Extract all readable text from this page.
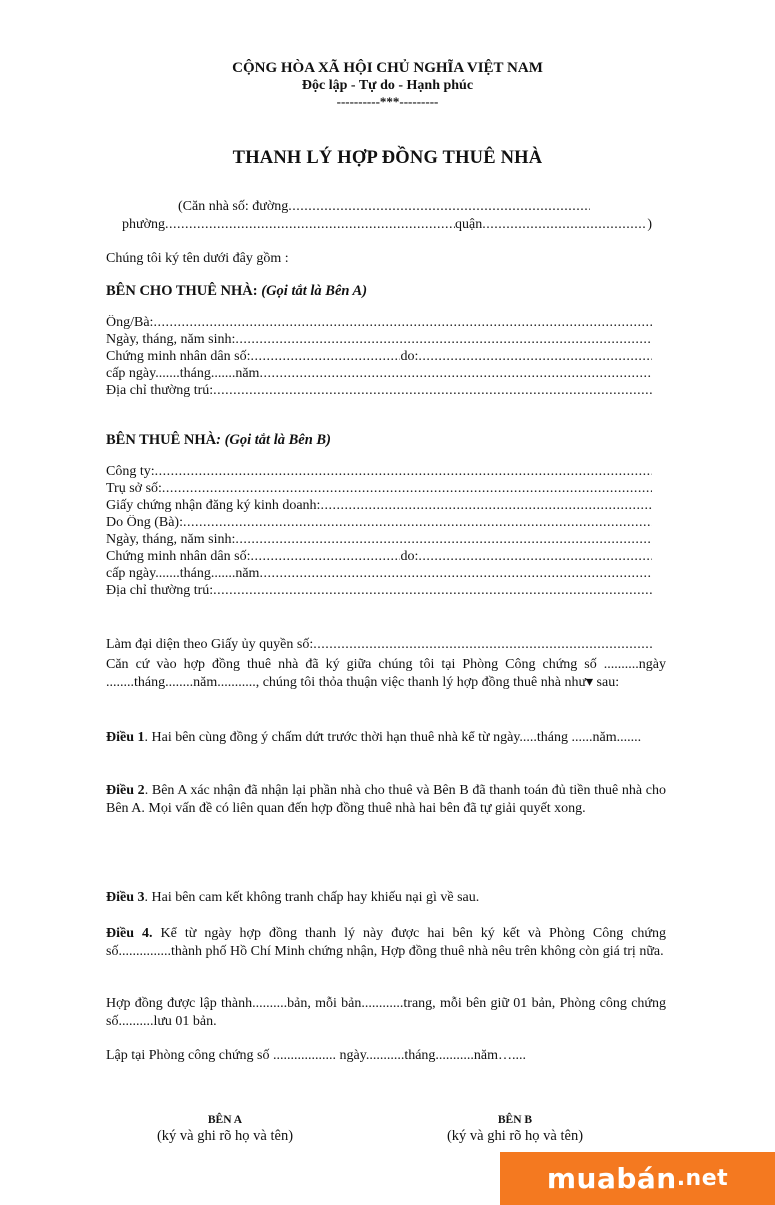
CỘNG HÒA XÃ HỘI CHỦ NGHĨA VIỆT NAM
Độc lập - Tự do - Hạnh phúc
----------***---------
THANH LÝ HỢP ĐỒNG THUÊ NHÀ
(Căn nhà số: đường
.....
phường .....	quận .....	)
Chúng tôi ký tên dưới đây gồm :
BÊN CHO THUÊ NHÀ: (Gọi tắt là Bên A)
Ông/Bà:
.....
Ngày, tháng, năm sinh:
.....
Chứng minh nhân dân số: .....	do:
.....
cấp ngày.......tháng.......năm
.....
Địa chỉ thường trú:
.....
BÊN THUÊ NHÀ: (Gọi tắt là Bên B)
Công ty:
.....
Trụ sở số:
.....
Giấy chứng nhận đăng ký kinh doanh:
.....
Do Ông (Bà):
.....
Ngày, tháng, năm sinh:
.....
Chứng minh nhân dân số: .....	do:
.....
cấp ngày.......tháng.......năm
.....
Địa chỉ thường trú:
.....
Làm đại diện theo Giấy ủy quyền số:
.....
Căn cứ vào hợp đồng thuê nhà đã ký giữa chúng tôi tại Phòng Công chứng số ..........ngày ........tháng........năm..........., chúng tôi thỏa thuận việc thanh lý hợp đồng thuê nhà như▾ sau:
Điều 1. Hai bên cùng đồng ý chấm dứt trước thời hạn thuê nhà kể từ ngày.....tháng ......năm.......
Điều 2. Bên A xác nhận đã nhận lại phần nhà cho thuê và Bên B đã thanh toán đủ tiền thuê nhà cho Bên A. Mọi vấn đề có liên quan đến hợp đồng thuê nhà hai bên đã tự giải quyết xong.
Điều 3. Hai bên cam kết không tranh chấp hay khiếu nại gì về sau.
Điều 4. Kể từ ngày hợp đồng thanh lý này được hai bên ký kết và Phòng Công chứng số...............thành phố Hồ Chí Minh chứng nhận, Hợp đồng thuê nhà nêu trên không còn giá trị nữa.
Hợp đồng được lập thành..........bản, mỗi bản............trang, mỗi bên giữ 01 bản, Phòng công chứng số..........lưu 01 bản.
Lập tại Phòng công chứng số .................. ngày...........tháng...........năm…....
BÊN A
(ký và ghi rõ họ và tên)
BÊN B
(ký và ghi rõ họ và tên)
muabán .net
